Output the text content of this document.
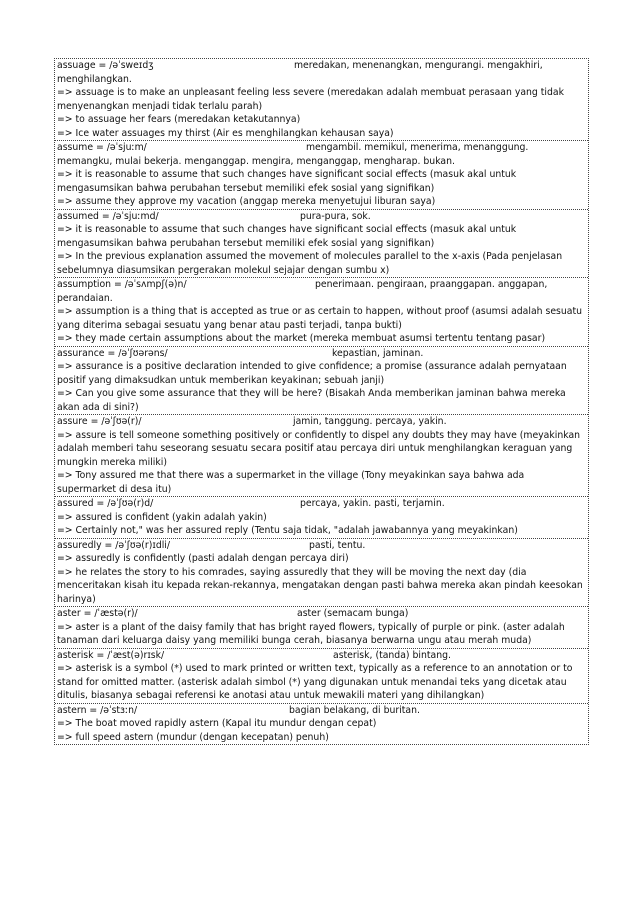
assuage = /əˈsweɪdʒ	meredakan, menenangkan, mengurangi. mengakhiri,

menghilangkan.

=> assuage is to make an unpleasant feeling less severe (meredakan adalah membuat perasaan yang tidak menyenangkan menjadi tidak terlalu parah)

=> to assuage her fears (meredakan ketakutannya)

=> Ice water assuages my thirst (Air es menghilangkan kehausan saya)

assume = /əˈsjuːm/	mengambil. memikul, menerima, menanggung.

memangku, mulai bekerja. menganggap. mengira, menganggap, mengharap. bukan.

=> it is reasonable to assume that such changes have significant social effects (masuk akal untuk mengasumsikan bahwa perubahan tersebut memiliki efek sosial yang signifikan)

=> assume they approve my vacation (anggap mereka menyetujui liburan saya)

assumed = /əˈsjuːmd/	pura-pura, sok.

=> it is reasonable to assume that such changes have significant social effects (masuk akal untuk mengasumsikan bahwa perubahan tersebut memiliki efek sosial yang signifikan)

=> In the previous explanation assumed the movement of molecules parallel to the x-axis (Pada penjelasan sebelumnya diasumsikan pergerakan molekul sejajar dengan sumbu x)

assumption = /əˈsʌmpʃ(ə)n/	penerimaan. pengiraan, praanggapan. anggapan,

perandaian.

=> assumption is a thing that is accepted as true or as certain to happen, without proof (asumsi adalah sesuatu yang diterima sebagai sesuatu yang benar atau pasti terjadi, tanpa bukti)

=> they made certain assumptions about the market (mereka membuat asumsi tertentu tentang pasar)

assurance = /əˈʃʊərəns/	kepastian, jaminan.

=> assurance is a positive declaration intended to give confidence; a promise (assurance adalah pernyataan positif yang dimaksudkan untuk memberikan keyakinan; sebuah janji)

=> Can you give some assurance that they will be here? (Bisakah Anda memberikan jaminan bahwa mereka akan ada di sini?)

assure = /əˈʃʊə(r)/	jamin, tanggung. percaya, yakin.

=> assure is tell someone something positively or confidently to dispel any doubts they may have (meyakinkan adalah memberi tahu seseorang sesuatu secara positif atau percaya diri untuk menghilangkan keraguan yang mungkin mereka miliki)

=> Tony assured me that there was a supermarket in the village (Tony meyakinkan saya bahwa ada supermarket di desa itu)

assured = /əˈʃʊə(r)d/	percaya, yakin. pasti, terjamin.

=> assured is confident (yakin adalah yakin)

=> Certainly not," was her assured reply (Tentu saja tidak, "adalah jawabannya yang meyakinkan)

assuredly = /əˈʃʊə(r)ɪdli/	pasti, tentu.

=> assuredly is confidently (pasti adalah dengan percaya diri)

=> he relates the story to his comrades, saying assuredly that they will be moving the next day (dia menceritakan kisah itu kepada rekan-rekannya, mengatakan dengan pasti bahwa mereka akan pindah keesokan harinya)

aster = /ˈæstə(r)/	aster (semacam bunga)

=> aster is a plant of the daisy family that has bright rayed flowers, typically of purple or pink. (aster adalah tanaman dari keluarga daisy yang memiliki bunga cerah, biasanya berwarna ungu atau merah muda)

asterisk = /ˈæst(ə)rɪsk/	asterisk, (tanda) bintang.

=> asterisk is a symbol (*) used to mark printed or written text, typically as a reference to an annotation or to stand for omitted matter. (asterisk adalah simbol (*) yang digunakan untuk menandai teks yang dicetak atau ditulis, biasanya sebagai referensi ke anotasi atau untuk mewakili materi yang dihilangkan)

astern = /əˈstɜːn/	bagian belakang, di buritan.

=> The boat moved rapidly astern (Kapal itu mundur dengan cepat)

=> full speed astern (mundur (dengan kecepatan) penuh)
